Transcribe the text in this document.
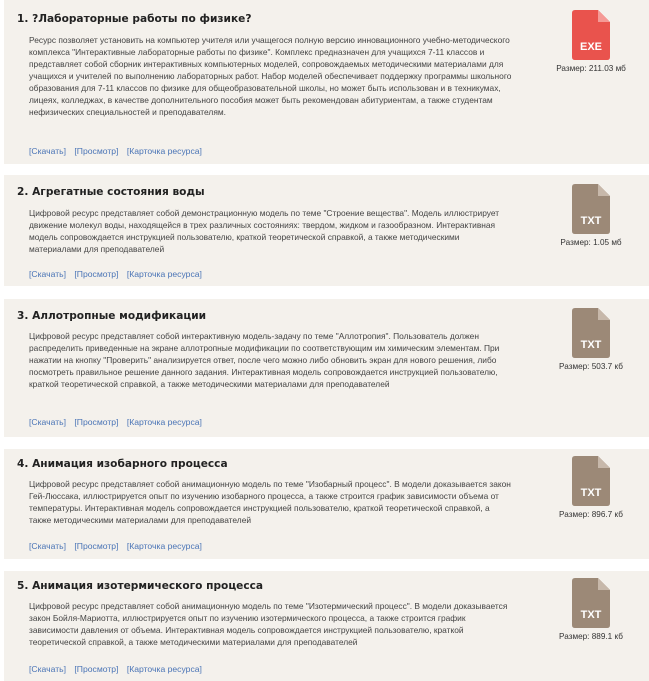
1. ?Лабораторные работы по физике?
Ресурс позволяет установить на компьютер учителя или учащегося полную версию инновационного учебно-методического комплекса "Интерактивные лабораторные работы по физике". Комплекс предназначен для учащихся 7-11 классов и представляет собой сборник интерактивных компьютерных моделей, сопровождаемых методическими материалами для учащихся и учителей по выполнению лабораторных работ. Набор моделей обеспечивает поддержку программы школьного образования для 7-11 классов по физике для общеобразовательной школы, но может быть использован и в техникумах, лицеях, колледжах, в качестве дополнительного пособия может быть рекомендован абитуриентам, а также студентам нефизических специальностей и преподавателям.
[Скачать] [Просмотр] [Карточка ресурса]
EXE
Размер: 211.03 мб
2. Агрегатные состояния воды
Цифровой ресурс представляет собой демонстрационную модель по теме "Строение вещества". Модель иллюстрирует движение молекул воды, находящейся в трех различных состояниях: твердом, жидком и газообразном. Интерактивная модель сопровождается инструкцией пользователю, краткой теоретической справкой, а также методическими материалами для преподавателей
[Скачать] [Просмотр] [Карточка ресурса]
TXT
Размер: 1.05 мб
3. Аллотропные модификации
Цифровой ресурс представляет собой интерактивную модель-задачу по теме "Аллотропия". Пользователь должен распределить приведенные на экране аллотропные модификации по соответствующим им химическим элементам. При нажатии на кнопку "Проверить" анализируется ответ, после чего можно либо обновить экран для нового решения, либо посмотреть правильное решение данного задания. Интерактивная модель сопровождается инструкцией пользователю, краткой теоретической справкой, а также методическими материалами для преподавателей
[Скачать] [Просмотр] [Карточка ресурса]
TXT
Размер: 503.7 кб
4. Анимация изобарного процесса
Цифровой ресурс представляет собой анимационную модель по теме "Изобарный процесс". В модели доказывается закон Гей-Люссака, иллюстрируется опыт по изучению изобарного процесса, а также строится график зависимости объема от температуры. Интерактивная модель сопровождается инструкцией пользователю, краткой теоретической справкой, а также методическими материалами для преподавателей
[Скачать] [Просмотр] [Карточка ресурса]
TXT
Размер: 896.7 кб
5. Анимация изотермического процесса
Цифровой ресурс представляет собой анимационную модель по теме "Изотермический процесс". В модели доказывается закон Бойля-Мариотта, иллюстрируется опыт по изучению изотермического процесса, а также строится график зависимости давления от объема. Интерактивная модель сопровождается инструкцией пользователю, краткой теоретической справкой, а также методическими материалами для преподавателей
[Скачать] [Просмотр] [Карточка ресурса]
TXT
Размер: 889.1 кб
